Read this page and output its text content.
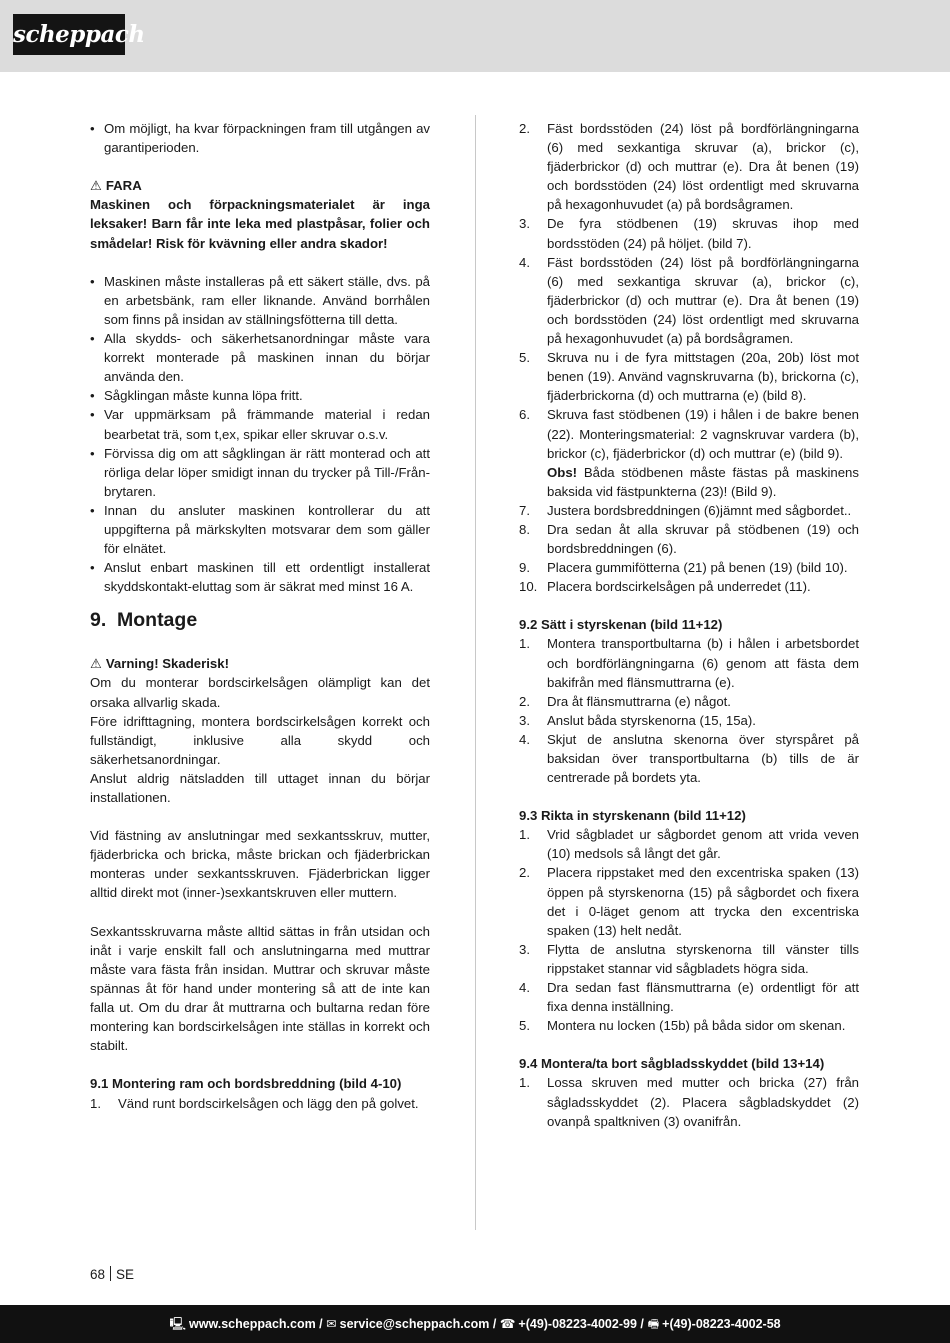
scheppach
• Om möjligt, ha kvar förpackningen fram till utgången av garantiperioden.
⚠ FARA
Maskinen och förpackningsmaterialet är inga leksaker! Barn får inte leka med plastpåsar, folier och smådelar! Risk för kvävning eller andra skador!
• Maskinen måste installeras på ett säkert ställe, dvs. på en arbetsbänk, ram eller liknande. Använd borrhålen som finns på insidan av ställningsfötterna till detta.
• Alla skydds- och säkerhetsanordningar måste vara korrekt monterade på maskinen innan du börjar använda den.
• Sågklingan måste kunna löpa fritt.
• Var uppmärksam på främmande material i redan bearbetat trä, som t,ex, spikar eller skruvar o.s.v.
• Förvissa dig om att sågklingan är rätt monterad och att rörliga delar löper smidigt innan du trycker på Till-/Från-brytaren.
• Innan du ansluter maskinen kontrollerar du att uppgifterna på märkskylten motsvarar dem som gäller för elnätet.
• Anslut enbart maskinen till ett ordentligt installerat skyddskontakt-eluttag som är säkrat med minst 16 A.
9. Montage
⚠ Varning! Skaderisk!
Om du monterar bordscirkelsågen olämpligt kan det orsaka allvarlig skada.
Före idrifttagning, montera bordscirkelsågen korrekt och fullständigt, inklusive alla skydd och säkerhetsanordningar.
Anslut aldrig nätsladden till uttaget innan du börjar installationen.
Vid fästning av anslutningar med sexkantsskruv, mutter, fjäderbricka och bricka, måste brickan och fjäderbrickan monteras under sexkantsskruven. Fjäderbrickan ligger alltid direkt mot (inner-)sexkantskruven eller muttern.
Sexkantsskruvarna måste alltid sättas in från utsidan och inåt i varje enskilt fall och anslutningarna med muttrar måste vara fästa från insidan. Muttrar och skruvar måste spännas åt för hand under montering så att de inte kan falla ut. Om du drar åt muttrarna och bultarna redan före montering kan bordscirkelsågen inte ställas in korrekt och stabilt.
9.1 Montering ram och bordsbreddning (bild 4-10)
1. Vänd runt bordscirkelsågen och lägg den på golvet.
2. Fäst bordsstöden (24) löst på bordförlängningarna (6) med sexkantiga skruvar (a), brickor (c), fjäderbrickor (d) och muttrar (e). Dra åt benen (19) och bordsstöden (24) löst ordentligt med skruvarna på hexagonhuvudet (a) på bordsågramen.
3. De fyra stödbenen (19) skruvas ihop med bordsstöden (24) på höljet. (bild 7).
4. Fäst bordsstöden (24) löst på bordförlängningarna (6) med sexkantiga skruvar (a), brickor (c), fjäderbrickor (d) och muttrar (e). Dra åt benen (19) och bordsstöden (24) löst ordentligt med skruvarna på hexagonhuvudet (a) på bordsågramen.
5. Skruva nu i de fyra mittstagen (20a, 20b) löst mot benen (19). Använd vagnskruvarna (b), brickorna (c), fjäderbrickorna (d) och muttrarna (e) (bild 8).
6. Skruva fast stödbenen (19) i hålen i de bakre benen (22). Monteringsmaterial: 2 vagnskruvar vardera (b), brickor (c), fjäderbrickor (d) och muttrar (e) (bild 9).
Obs! Båda stödbenen måste fästas på maskinens baksida vid fästpunkterna (23)! (Bild 9).
7. Justera bordsbreddningen (6)jämnt med sågbordet..
8. Dra sedan åt alla skruvar på stödbenen (19) och bordsbreddningen (6).
9. Placera gummifötterna (21) på benen (19) (bild 10).
10. Placera bordscirkelsågen på underredet (11).
9.2 Sätt i styrskenan (bild 11+12)
1. Montera transportbultarna (b) i hålen i arbetsbordet och bordförlängningarna (6) genom att fästa dem bakifrån med flänsmuttrarna (e).
2. Dra åt flänsmuttrarna (e) något.
3. Anslut båda styrskenorna (15, 15a).
4. Skjut de anslutna skenorna över styrspåret på baksidan över transportbultarna (b) tills de är centrerade på bordets yta.
9.3 Rikta in styrskenann (bild 11+12)
1. Vrid sågbladet ur sågbordet genom att vrida veven (10) medsols så långt det går.
2. Placera rippstaket med den excentriska spaken (13) öppen på styrskenorna (15) på sågbordet och fixera det i 0-läget genom att trycka den excentriska spaken (13) helt nedåt.
3. Flytta de anslutna styrskenorna till vänster tills rippstaket stannar vid sågbladets högra sida.
4. Dra sedan fast flänsmuttrarna (e) ordentligt för att fixa denna inställning.
5. Montera nu locken (15b) på båda sidor om skenan.
9.4 Montera/ta bort sågbladsskyddet (bild 13+14)
1. Lossa skruven med mutter och bricka (27) från sågladsskyddet (2). Placera sågbladskyddet (2) ovanpå spaltkniven (3) ovanifrån.
68 SE
🖳 www.scheppach.com / ✉ service@scheppach.com / ☎ +(49)-08223-4002-99 / 🖷 +(49)-08223-4002-58
